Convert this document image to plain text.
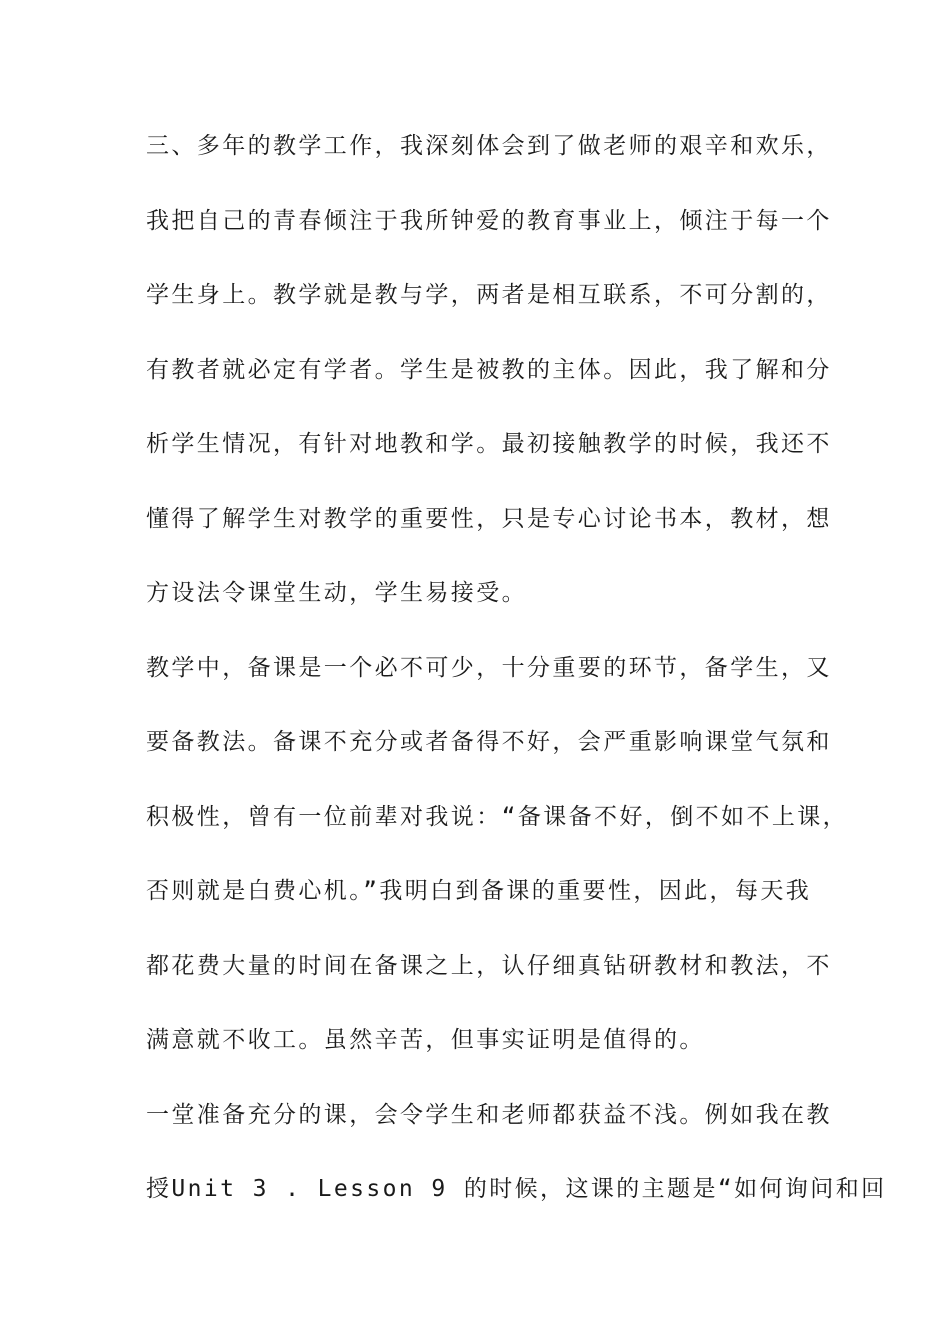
三、多年的教学工作，我深刻体会到了做老师的艰辛和欢乐，
我把自己的青春倾注于我所钟爱的教育事业上，倾注于每一个
学生身上。教学就是教与学，两者是相互联系，不可分割的，
有教者就必定有学者。学生是被教的主体。因此，我了解和分
析学生情况，有针对地教和学。最初接触教学的时候，我还不
懂得了解学生对教学的重要性，只是专心讨论书本，教材，想
方设法令课堂生动，学生易接受。
教学中，备课是一个必不可少，十分重要的环节，备学生，又
要备教法。备课不充分或者备得不好，会严重影响课堂气氛和
积极性，曾有一位前辈对我说：“备课备不好，倒不如不上课，
否则就是白费心机。”我明白到备课的重要性，因此，每天我
都花费大量的时间在备课之上，认仔细真钻研教材和教法，不
满意就不收工。虽然辛苦，但事实证明是值得的。
一堂准备充分的课，会令学生和老师都获益不浅。例如我在教
授Unit 3 . Lesson 9 的时候，这课的主题是“如何询问和回
